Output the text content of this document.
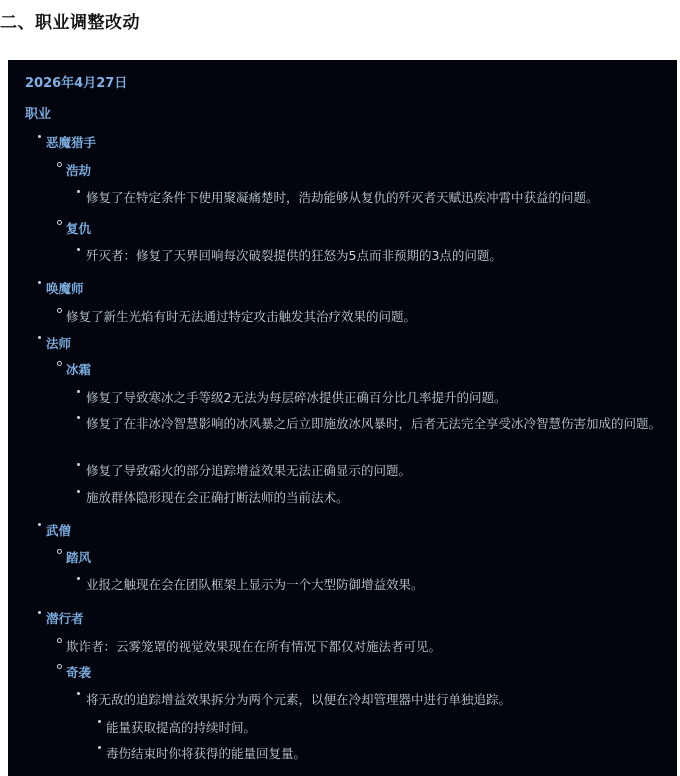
二、职业调整改动
2026年4月27日
职业
恶魔猎手
浩劫
修复了在特定条件下使用聚凝痛楚时，浩劫能够从复仇的歼灭者天赋迅疾冲霄中获益的问题。
复仇
歼灭者：修复了天界回响每次破裂提供的狂怒为5点而非预期的3点的问题。
唤魔师
修复了新生光焰有时无法通过特定攻击触发其治疗效果的问题。
法师
冰霜
修复了导致寒冰之手等级2无法为每层碎冰提供正确百分比几率提升的问题。
修复了在非冰冷智慧影响的冰风暴之后立即施放冰风暴时，后者无法完全享受冰冷智慧伤害加成的问题。
修复了导致霜火的部分追踪增益效果无法正确显示的问题。
施放群体隐形现在会正确打断法师的当前法术。
武僧
踏风
业报之触现在会在团队框架上显示为一个大型防御增益效果。
潜行者
欺诈者：云雾笼罩的视觉效果现在在所有情况下都仅对施法者可见。
奇袭
将无敌的追踪增益效果拆分为两个元素，以便在冷却管理器中进行单独追踪。
能量获取提高的持续时间。
毒伤结束时你将获得的能量回复量。
